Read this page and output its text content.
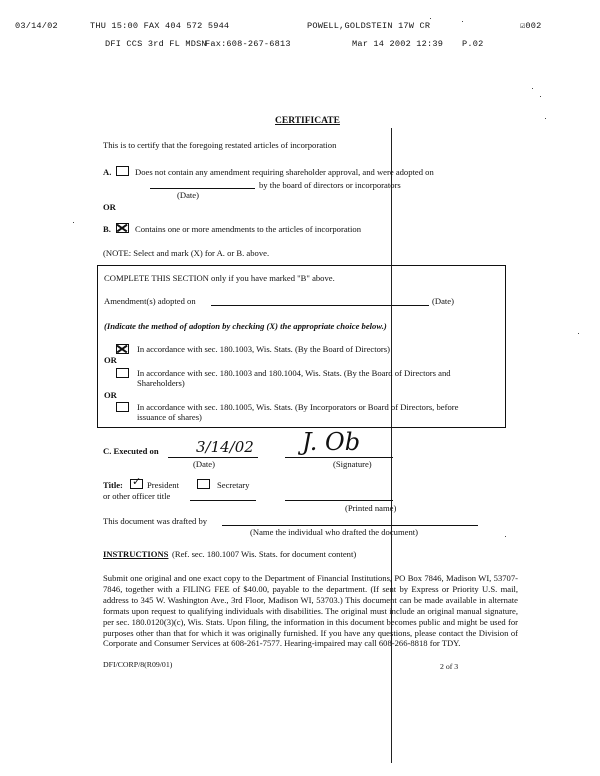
03/14/02	THU 15:00 FAX 404 572 5944	POWELL,GOLDSTEIN 17W CR	☑002
DFI CCS 3rd FL MDSN
Fax:608-267-6813	Mar 14 2002 12:39 P.02
CERTIFICATE
This is to certify that the foregoing restated articles of incorporation
A.	Does not contain any amendment requiring shareholder approval, and were adopted on
by the board of directors or incorporators
(Date)
OR
B.	Contains one or more amendments to the articles of incorporation
(NOTE: Select and mark (X) for A. or B. above.
COMPLETE THIS SECTION only if you have marked "B" above.
Amendment(s) adopted on	(Date)
(Indicate the method of adoption by checking (X) the appropriate choice below.)
In accordance with sec. 180.1003, Wis. Stats. (By the Board of Directors)
OR
In accordance with sec. 180.1003 and 180.1004, Wis. Stats. (By the Board of Directors and
Shareholders)
OR
In accordance with sec. 180.1005, Wis. Stats. (By Incorporators or Board of Directors, before
issuance of shares)
C. Executed on 3/14/02
(Date)
J. Ob
(Signature)
Title:
✓	President	Secretary
or other officer title
(Printed name)
This document was drafted by
(Name the individual who drafted the document)
INSTRUCTIONS (Ref. sec. 180.1007 Wis. Stats. for document content)
Submit one original and one exact copy to the Department of Financial Institutions, PO Box 7846, Madison WI, 53707-7846, together with a FILING FEE of $40.00, payable to the department. (If sent by Express or Priority U.S. mail, address to 345 W. Washington Ave., 3rd Floor, Madison WI, 53703.) This document can be made available in alternate formats upon request to qualifying individuals with disabilities. The original must include an original manual signature, per sec. 180.0120(3)(c), Wis. Stats. Upon filing, the information in this document becomes public and might be used for purposes other than that for which it was originally furnished. If you have any questions, please contact the Division of Corporate and Consumer Services at 608-261-7577. Hearing-impaired may call 608-266-8818 for TDY.
DFI/CORP/8(R09/01)	2 of 3
